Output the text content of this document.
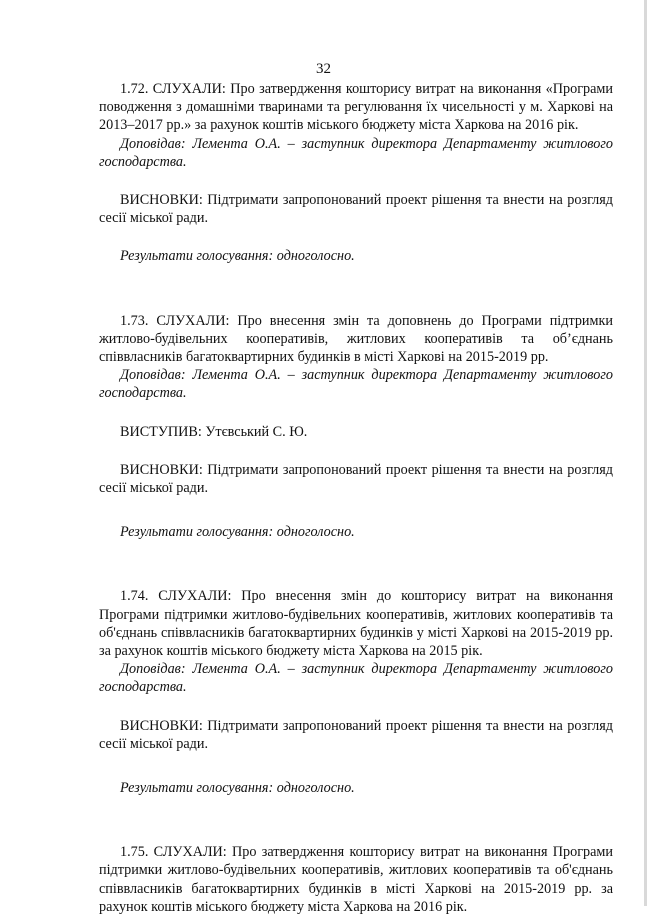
32

1.72. СЛУХАЛИ: Про затвердження кошторису витрат на виконання «Програми поводження з домашніми тваринами та регулювання їх чисельності у м. Харкові на 2013–2017 рр.» за рахунок коштів міського бюджету міста Харкова на 2016 рік.

Доповідав: Лемента О.А. – заступник директора Департаменту житлового господарства.

ВИСНОВКИ: Підтримати запропонований проект рішення та внести на розгляд сесії міської ради.

Результати голосування: одноголосно.

1.73. СЛУХАЛИ: Про внесення змін та доповнень до Програми підтримки житлово-будівельних кооперативів, житлових кооперативів та об’єднань співвласників багатоквартирних будинків в місті Харкові на 2015-2019 рр.

Доповідав: Лемента О.А. – заступник директора Департаменту житлового господарства.

ВИСТУПИВ: Утєвський С. Ю.

ВИСНОВКИ: Підтримати запропонований проект рішення та внести на розгляд сесії міської ради.

Результати голосування: одноголосно.

1.74. СЛУХАЛИ: Про внесення змін до кошторису витрат на виконання Програми підтримки житлово-будівельних кооперативів, житлових кооперативів та об'єднань співвласників багатоквартирних будинків у місті Харкові на 2015-2019 рр. за рахунок коштів міського бюджету міста Харкова на 2015 рік.

Доповідав: Лемента О.А. – заступник директора Департаменту житлового господарства.

ВИСНОВКИ: Підтримати запропонований проект рішення та внести на розгляд сесії міської ради.

Результати голосування: одноголосно.

1.75. СЛУХАЛИ: Про затвердження кошторису витрат на виконання Програми підтримки житлово-будівельних кооперативів, житлових кооперативів та об'єднань співвласників багатоквартирних будинків в місті Харкові на 2015-2019 рр. за рахунок коштів міського бюджету міста Харкова на 2016 рік.
